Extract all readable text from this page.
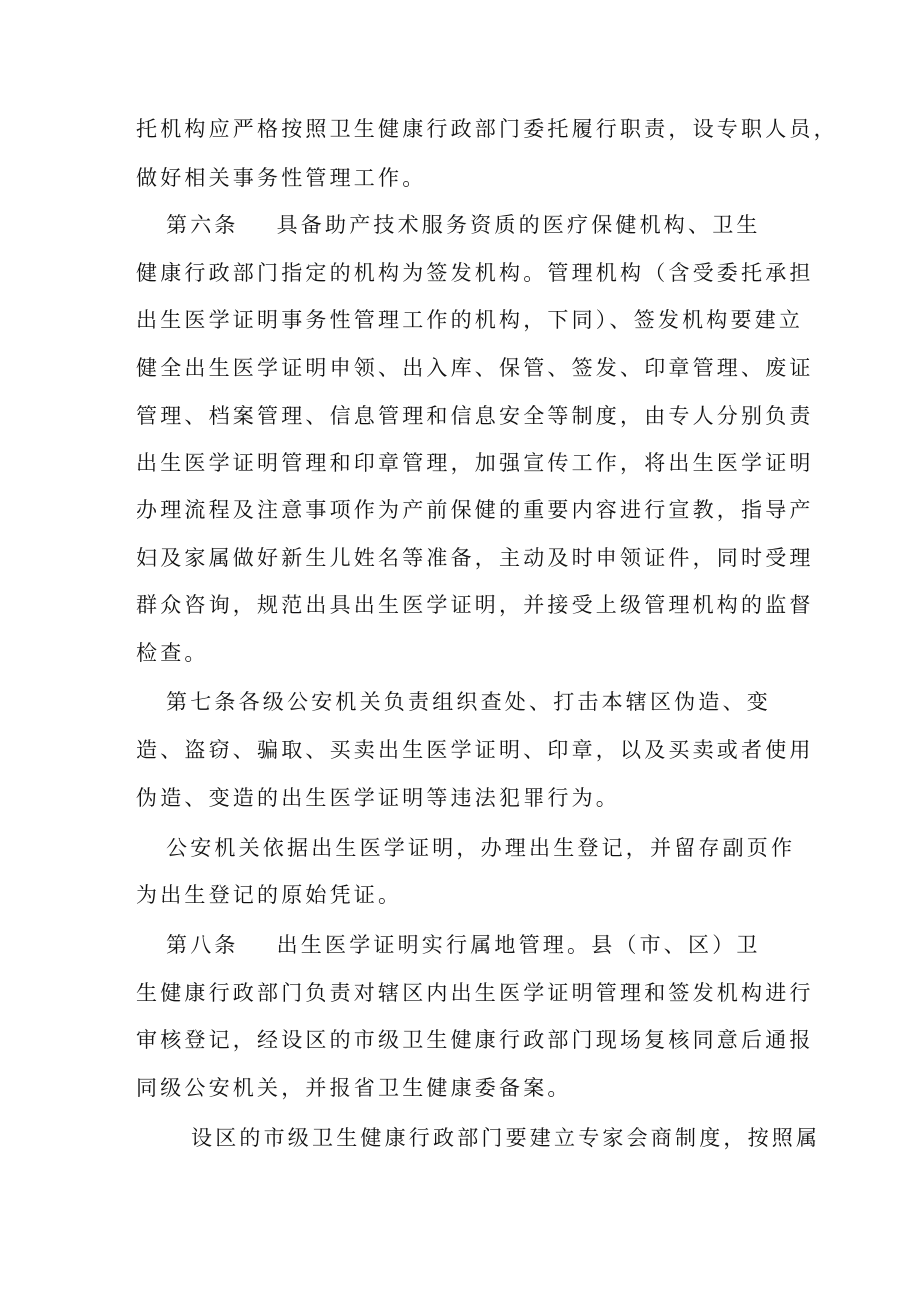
托机构应严格按照卫生健康行政部门委托履行职责，设专职人员，
做好相关事务性管理工作。
第六条 具备助产技术服务资质的医疗保健机构、卫生
健康行政部门指定的机构为签发机构。管理机构（含受委托承担
出生医学证明事务性管理工作的机构，下同）、签发机构要建立
健全出生医学证明申领、出入库、保管、签发、印章管理、废证
管理、档案管理、信息管理和信息安全等制度，由专人分别负责
出生医学证明管理和印章管理，加强宣传工作，将出生医学证明
办理流程及注意事项作为产前保健的重要内容进行宣教，指导产
妇及家属做好新生儿姓名等准备，主动及时申领证件，同时受理
群众咨询，规范出具出生医学证明，并接受上级管理机构的监督
检查。
第七条各级公安机关负责组织查处、打击本辖区伪造、变
造、盗窃、骗取、买卖出生医学证明、印章，以及买卖或者使用
伪造、变造的出生医学证明等违法犯罪行为。
公安机关依据出生医学证明，办理出生登记，并留存副页作
为出生登记的原始凭证。
第八条 出生医学证明实行属地管理。县（市、区）卫
生健康行政部门负责对辖区内出生医学证明管理和签发机构进行
审核登记，经设区的市级卫生健康行政部门现场复核同意后通报
同级公安机关，并报省卫生健康委备案。
设区的市级卫生健康行政部门要建立专家会商制度，按照属
